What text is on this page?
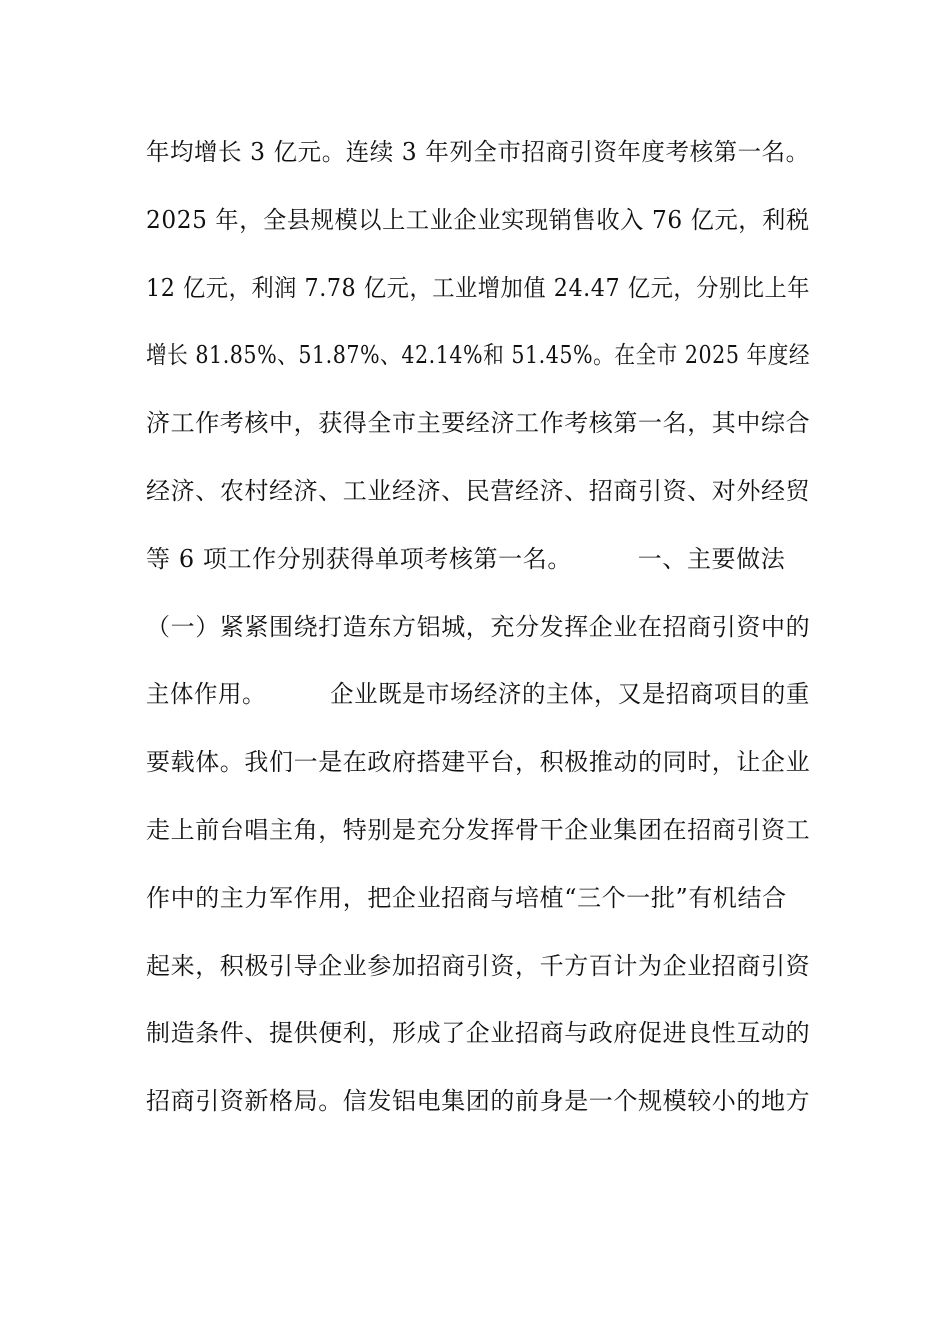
年均增长 3 亿元。连续 3 年列全市招商引资年度考核第一名。
2025 年，全县规模以上工业企业实现销售收入 76 亿元，利税
12 亿元，利润 7.78 亿元，工业增加值 24.47 亿元，分别比上年
增长 81.85%、51.87%、42.14%和 51.45%。在全市 2025 年度经
济工作考核中，获得全市主要经济工作考核第一名，其中综合
经济、农村经济、工业经济、民营经济、招商引资、对外经贸
等 6 项工作分别获得单项考核第一名。        一、主要做法
（一）紧紧围绕打造东方铝城，充分发挥企业在招商引资中的
主体作用。        企业既是市场经济的主体，又是招商项目的重
要载体。我们一是在政府搭建平台，积极推动的同时，让企业
走上前台唱主角，特别是充分发挥骨干企业集团在招商引资工
作中的主力军作用，把企业招商与培植“三个一批”有机结合
起来，积极引导企业参加招商引资，千方百计为企业招商引资
制造条件、提供便利，形成了企业招商与政府促进良性互动的
招商引资新格局。信发铝电集团的前身是一个规模较小的地方
